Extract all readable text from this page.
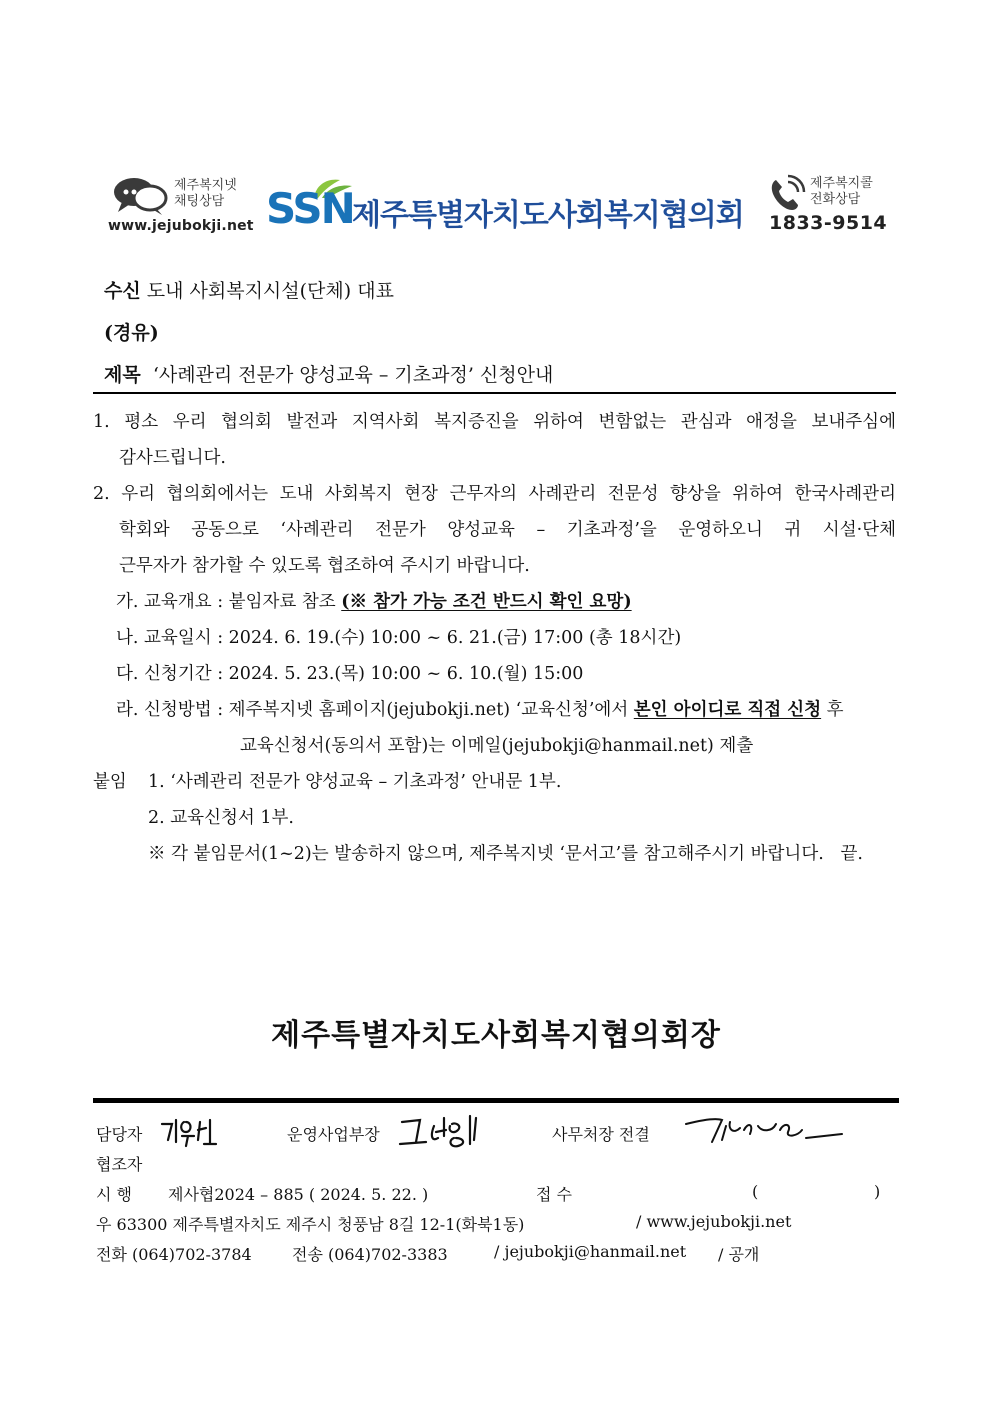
제주복지넷
채팅상담
www.jejubokji.net SSN
제주특별자치도사회복지협의회
제주복지콜
전화상담
1833-9514
수신 도내 사회복지시설(단체) 대표
(경유)
제목 ‘사례관리 전문가 양성교육 – 기초과정’ 신청안내
1. 평소 우리 협의회 발전과 지역사회 복지증진을 위하여 변함없는 관심과 애정을 보내주심에
감사드립니다.
2. 우리 협의회에서는 도내 사회복지 현장 근무자의 사례관리 전문성 향상을 위하여 한국사례관리
학회와 공동으로 ‘사례관리 전문가 양성교육 – 기초과정’을 운영하오니 귀 시설·단체
근무자가 참가할 수 있도록 협조하여 주시기 바랍니다.
가. 교육개요 : 붙임자료 참조 (※ 참가 가능 조건 반드시 확인 요망)
나. 교육일시 : 2024. 6. 19.(수) 10:00 ~ 6. 21.(금) 17:00 (총 18시간)
다. 신청기간 : 2024. 5. 23.(목) 10:00 ~ 6. 10.(월) 15:00
라. 신청방법 : 제주복지넷 홈페이지(jejubokji.net) ‘교육신청’에서 본인 아이디로 직접 신청 후
교육신청서(동의서 포함)는 이메일(jejubokji@hanmail.net) 제출
붙임 1. ‘사례관리 전문가 양성교육 – 기초과정’ 안내문 1부.
2. 교육신청서 1부.
※ 각 붙임문서(1~2)는 발송하지 않으며, 제주복지넷 ‘문서고’를 참고해주시기 바랍니다. 끝.
제주특별자치도사회복지협의회장
담당자	운영사업부장	사무처장 전결
협조자
시 행 제사협2024 – 885 ( 2024. 5. 22. )	접 수	(	)
우 63300 제주특별자치도 제주시 청풍남 8길 12-1(화북1동)	/ www.jejubokji.net
전화 (064)702-3784	전송 (064)702-3383	/ jejubokji@hanmail.net / 공개
